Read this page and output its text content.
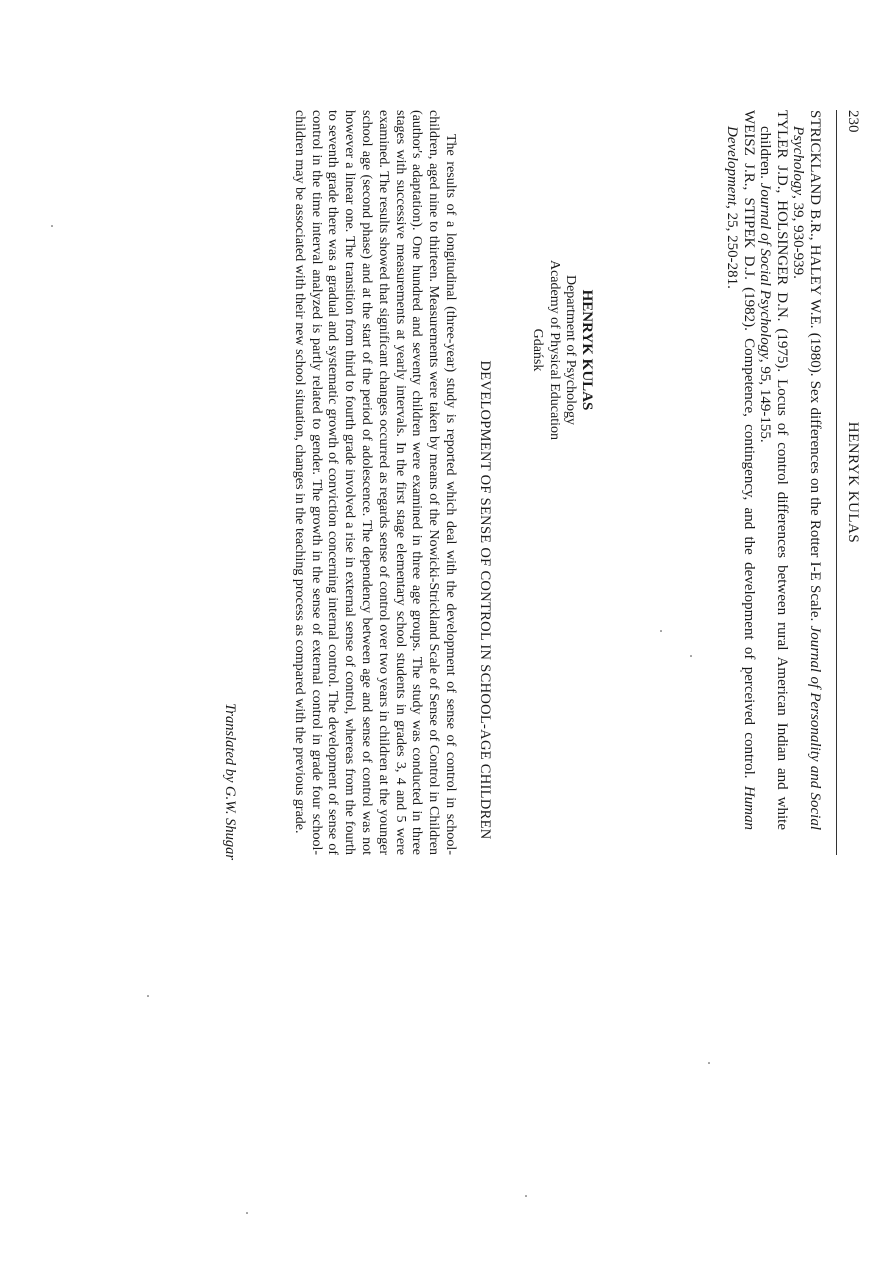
230
HENRYK KULAS

STRICKLAND B.R., HALEY W.E. (1980). Sex differences on the Rotter I-E Scale. Journal of Personality and Social Psychology, 39, 930-939.

TYLER J.D., HOLSINGER D.N. (1975). Locus of control differences between rural American Indian and white children. Journal of Social Psychology, 95, 149-155.

WEISZ J.R., STIPEK D.J. (1982). Competence, contingency, and the development of perceived control. Human Development, 25, 250-281.

HENRYK KULAS
Department of Psychology
Academy of Physical Education
Gdańsk
DEVELOPMENT OF SENSE OF CONTROL IN SCHOOL-AGE CHILDREN

The results of a longitudinal (three-year) study is reported which deal with the development of sense of control in school-children, aged nine to thirteen. Measurements were taken by means of the Nowicki-Strickland Scale of Sense of Control in Children (author's adaptation). One hundred and seventy children were examined in three age groups. The study was conducted in three stages with successive measurements at yearly intervals. In the first stage elementary school students in grades 3, 4 and 5 were examined. The results showed that significant changes occurred as regards sense of control over two years in children at the younger school age (second phase) and at the start of the period of adolescence. The dependency between age and sense of control was not however a linear one. The transition from third to fourth grade involved a rise in external sense of control, whereas from the fourth to seventh grade there was a gradual and systematic growth of conviction concerning internal control. The development of sense of control in the time interval analyzed is partly related to gender. The growth in the sense of external control in grade four school-children may be associated with their new school situation, changes in the teaching process as compared with the previous grade.

Translated by G.W. Shugar
